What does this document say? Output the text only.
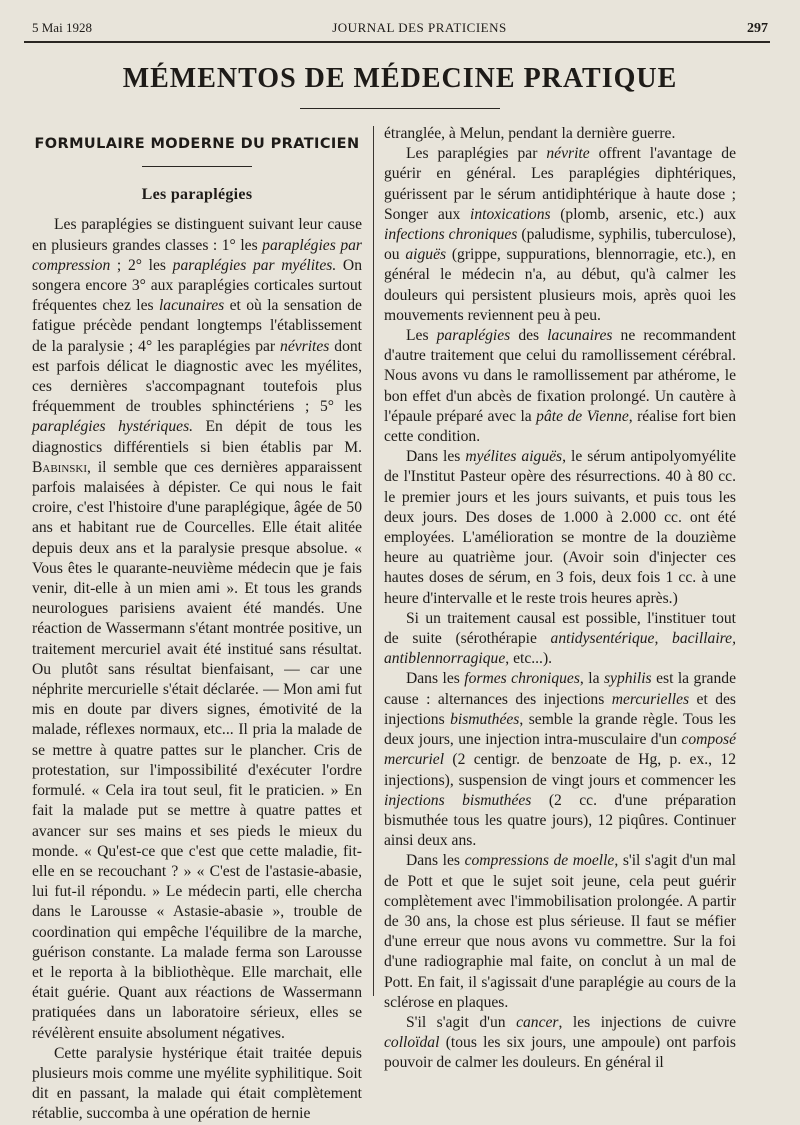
5 Mai 1928	JOURNAL DES PRATICIENS	297
MÉMENTOS DE MÉDECINE PRATIQUE
FORMULAIRE MODERNE DU PRATICIEN
Les paraplégies

Les paraplégies se distinguent suivant leur cause en plusieurs grandes classes : 1° les paraplégies par compression ; 2° les paraplégies par myélites. On songera encore 3° aux paraplégies corticales surtout fréquentes chez les lacunaires et où la sensation de fatigue précède pendant longtemps l'établissement de la paralysie ; 4° les paraplégies par névrites dont est parfois délicat le diagnostic avec les myélites, ces dernières s'accompagnant toutefois plus fréquemment de troubles sphinctériens ; 5° les paraplégies hystériques. En dépit de tous les diagnostics différentiels si bien établis par M. Babinski, il semble que ces dernières apparaissent parfois malaisées à dépister. Ce qui nous le fait croire, c'est l'histoire d'une paraplégique, âgée de 50 ans et habitant rue de Courcelles. Elle était alitée depuis deux ans et la paralysie presque absolue. « Vous êtes le quarante-neuvième médecin que je fais venir, dit-elle à un mien ami ». Et tous les grands neurologues parisiens avaient été mandés. Une réaction de Wassermann s'étant montrée positive, un traitement mercuriel avait été institué sans résultat. Ou plutôt sans résultat bienfaisant, — car une néphrite mercurielle s'était déclarée. — Mon ami fut mis en doute par divers signes, émotivité de la malade, réflexes normaux, etc... Il pria la malade de se mettre à quatre pattes sur le plancher. Cris de protestation, sur l'impossibilité d'exécuter l'ordre formulé. « Cela ira tout seul, fit le praticien. » En fait la malade put se mettre à quatre pattes et avancer sur ses mains et ses pieds le mieux du monde. « Qu'est-ce que c'est que cette maladie, fit-elle en se recouchant ? » « C'est de l'astasie-abasie, lui fut-il répondu. » Le médecin parti, elle chercha dans le Larousse « Astasie-abasie », trouble de coordination qui empêche l'équilibre de la marche, guérison constante. La malade ferma son Larousse et le reporta à la bibliothèque. Elle marchait, elle était guérie. Quant aux réactions de Wassermann pratiquées dans un laboratoire sérieux, elles se révélèrent ensuite absolument négatives.

Cette paralysie hystérique était traitée depuis plusieurs mois comme une myélite syphilitique. Soit dit en passant, la malade qui était complètement rétablie, succomba à une opération de hernie

étranglée, à Melun, pendant la dernière guerre.

Les paraplégies par névrite offrent l'avantage de guérir en général. Les paraplégies diphtériques, guérissent par le sérum antidiphtérique à haute dose ; Songer aux intoxications (plomb, arsenic, etc.) aux infections chroniques (paludisme, syphilis, tuberculose), ou aiguës (grippe, suppurations, blennorragie, etc.), en général le médecin n'a, au début, qu'à calmer les douleurs qui persistent plusieurs mois, après quoi les mouvements reviennent peu à peu.

Les paraplégies des lacunaires ne recommandent d'autre traitement que celui du ramollissement cérébral. Nous avons vu dans le ramollissement par athérome, le bon effet d'un abcès de fixation prolongé. Un cautère à l'épaule préparé avec la pâte de Vienne, réalise fort bien cette condition.

Dans les myélites aiguës, le sérum antipolyomyélite de l'Institut Pasteur opère des résurrections. 40 à 80 cc. le premier jours et les jours suivants, et puis tous les deux jours. Des doses de 1.000 à 2.000 cc. ont été employées. L'amélioration se montre de la douzième heure au quatrième jour. (Avoir soin d'injecter ces hautes doses de sérum, en 3 fois, deux fois 1 cc. à une heure d'intervalle et le reste trois heures après.)

Si un traitement causal est possible, l'instituer tout de suite (sérothérapie antidysentérique, bacillaire, antiblennorragique, etc...).

Dans les formes chroniques, la syphilis est la grande cause : alternances des injections mercurielles et des injections bismuthées, semble la grande règle. Tous les deux jours, une injection intra-musculaire d'un composé mercuriel (2 centigr. de benzoate de Hg, p. ex., 12 injections), suspension de vingt jours et commencer les injections bismuthées (2 cc. d'une préparation bismuthée tous les quatre jours), 12 piqûres. Continuer ainsi deux ans.

Dans les compressions de moelle, s'il s'agit d'un mal de Pott et que le sujet soit jeune, cela peut guérir complètement avec l'immobilisation prolongée. A partir de 30 ans, la chose est plus sérieuse. Il faut se méfier d'une erreur que nous avons vu commettre. Sur la foi d'une radiographie mal faite, on conclut à un mal de Pott. En fait, il s'agissait d'une paraplégie au cours de la sclérose en plaques.

S'il s'agit d'un cancer, les injections de cuivre colloïdal (tous les six jours, une ampoule) ont parfois pouvoir de calmer les douleurs. En général il
